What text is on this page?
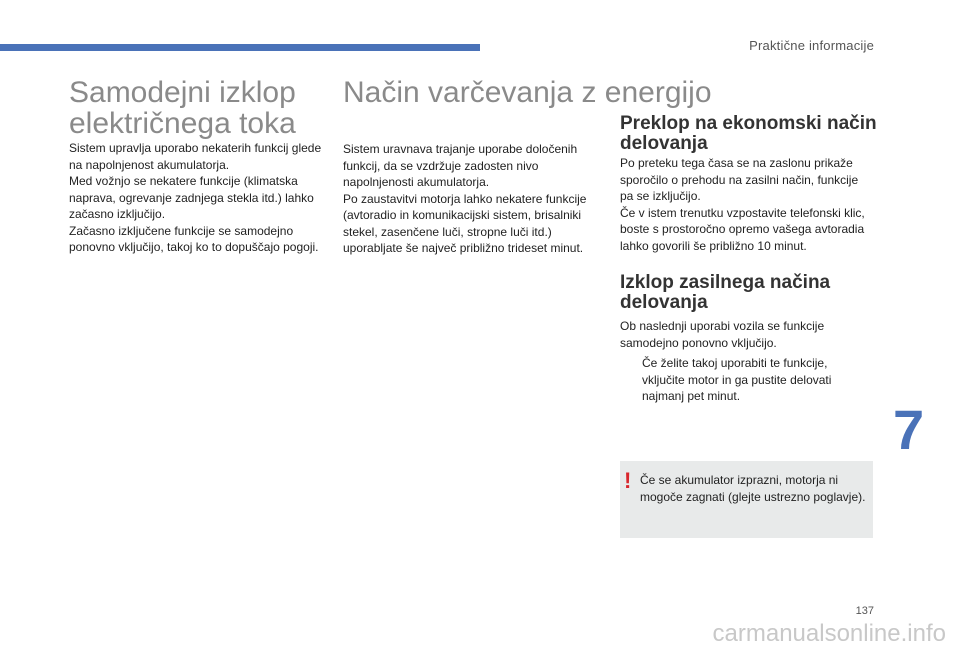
Praktične informacije
Samodejni izklop
električnega toka

Sistem upravlja uporabo nekaterih funkcij glede
na napolnjenost akumulatorja.

Med vožnjo se nekatere funkcije (klimatska
naprava, ogrevanje zadnjega stekla itd.) lahko
začasno izključijo.

Začasno izključene funkcije se samodejno
ponovno vključijo, takoj ko to dopuščajo pogoji.

Način varčevanja z energijo

Sistem uravnava trajanje uporabe določenih
funkcij, da se vzdržuje zadosten nivo
napolnjenosti akumulatorja.

Po zaustavitvi motorja lahko nekatere funkcije
(avtoradio in komunikacijski sistem, brisalniki
stekel, zasenčene luči, stropne luči itd.)
uporabljate še največ približno trideset minut.

Preklop na ekonomski način
delovanja

Po preteku tega časa se na zaslonu prikaže
sporočilo o prehodu na zasilni način, funkcije
pa se izključijo.

Če v istem trenutku vzpostavite telefonski klic,
boste s prostoročno opremo vašega avtoradia
lahko govorili še približno 10 minut.

Izklop zasilnega načina
delovanja

Ob naslednji uporabi vozila se funkcije
samodejno ponovno vključijo.

Če želite takoj uporabiti te funkcije,
vključite motor in ga pustite delovati
najmanj pet minut.

! Če se akumulator izprazni, motorja ni
mogoče zagnati (glejte ustrezno poglavje).

7
137
carmanualsonline.info
